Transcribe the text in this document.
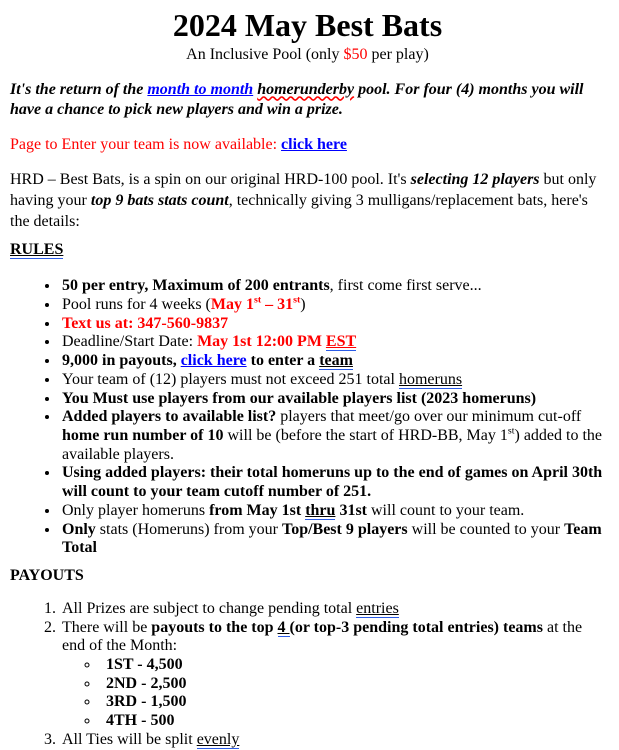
2024 May Best Bats
An Inclusive Pool (only $50 per play)

It's the return of the month to month homerunderby pool. For four (4) months you will have a chance to pick new players and win a prize.

Page to Enter your team is now available: click here

HRD – Best Bats, is a spin on our original HRD-100 pool. It's selecting 12 players but only having your top 9 bats stats count, technically giving 3 mulligans/replacement bats, here's the details:

RULES

• 50 per entry, Maximum of 200 entrants, first come first serve...
• Pool runs for 4 weeks (May 1st – 31st)
• Text us at: 347-560-9837
• Deadline/Start Date: May 1st 12:00 PM EST
• 9,000 in payouts, click here to enter a team
• Your team of (12) players must not exceed 251 total homeruns
• You Must use players from our available players list (2023 homeruns)
• Added players to available list? players that meet/go over our minimum cut-off home run number of 10 will be (before the start of HRD-BB, May 1st) added to the available players.
• Using added players: their total homeruns up to the end of games on April 30th will count to your team cutoff number of 251.
• Only player homeruns from May 1st thru 31st will count to your team.
• Only stats (Homeruns) from your Top/Best 9 players will be counted to your Team Total

PAYOUTS

1. All Prizes are subject to change pending total entries
2. There will be payouts to the top 4 (or top-3 pending total entries) teams at the end of the Month:
◦ 1ST - 4,500
◦ 2ND - 2,500
◦ 3RD - 1,500
◦ 4TH - 500
3. All Ties will be split evenly
